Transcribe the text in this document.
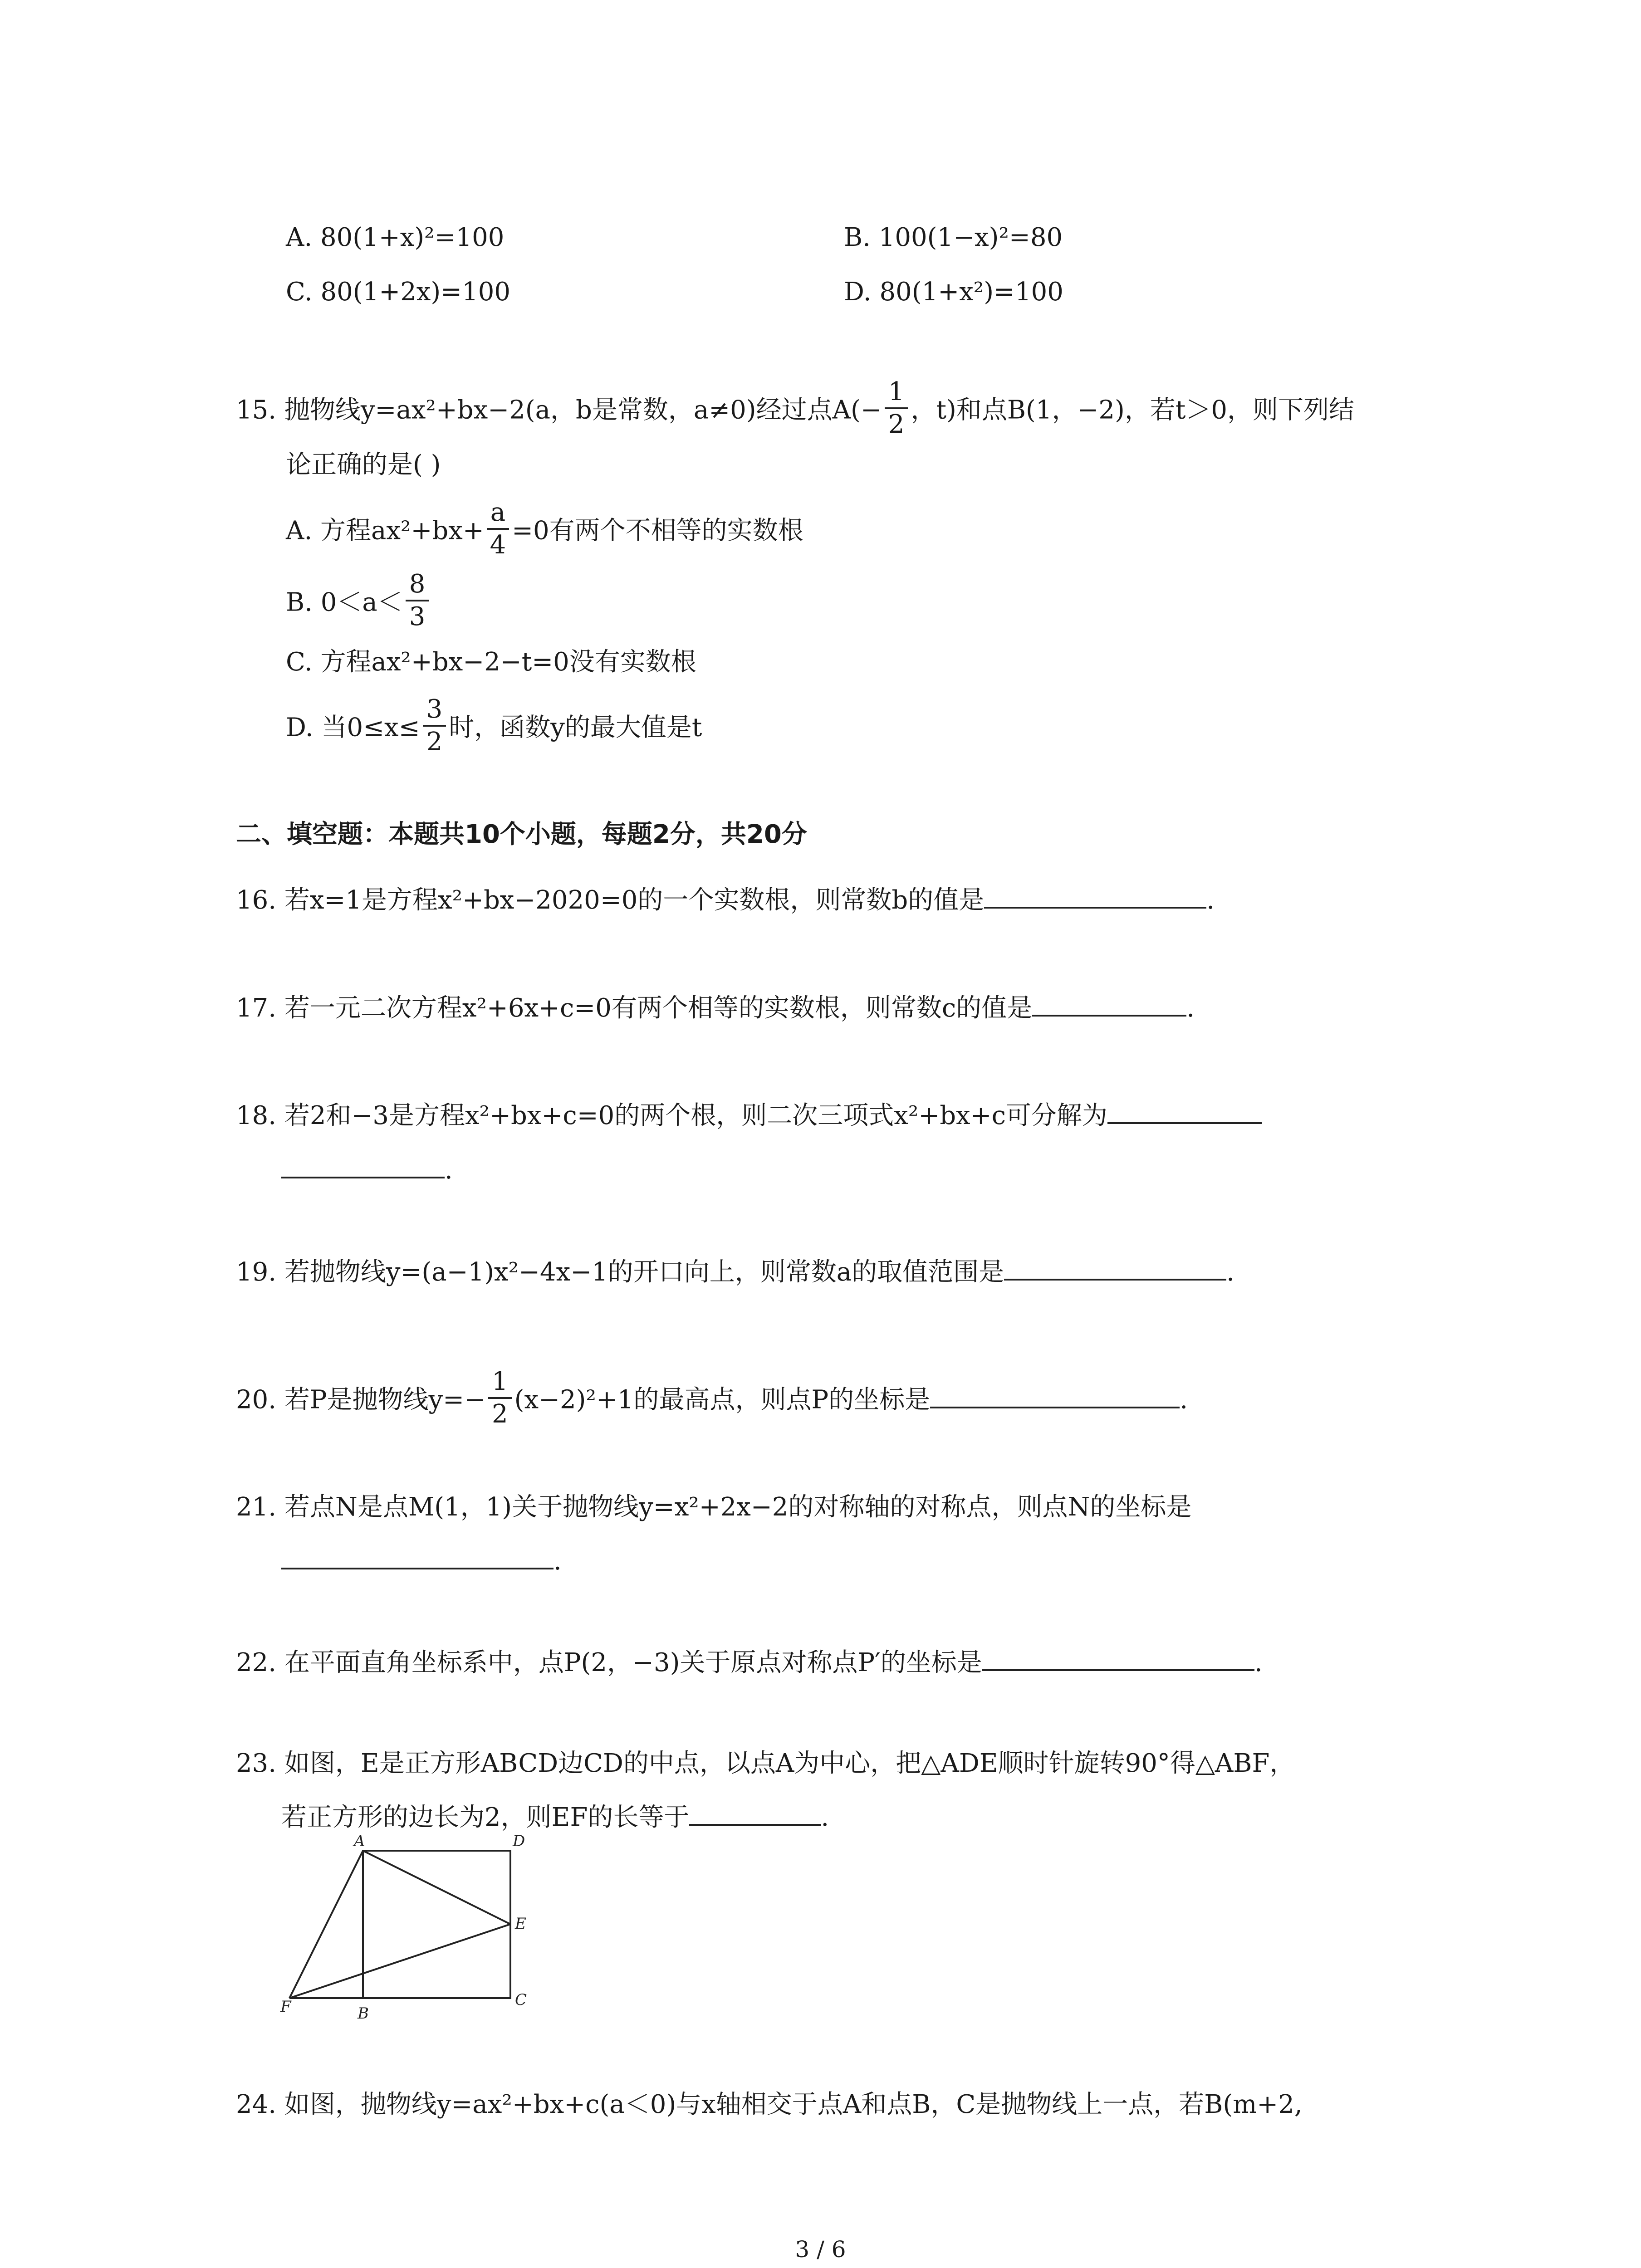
A. 80(1+x)²=100	B. 100(1−x)²=80
C. 80(1+2x)=100	D. 80(1+x²)=100
15. 抛物线y=ax²+bx−2(a，b是常数，a≠0)经过点$A(- \frac{1}{2}$ ，t)和点B(1，−2)，若t＞0，则下列结
论正确的是( )
A. 方程$ax^2+bx+ \frac{a}{4} =0$有两个不相等的实数根
B. $0<a< \frac{8}{3}$
C. 方程ax²+bx−2−t=0没有实数根
D. 当$0\le x\le \frac{3}{2}$ 时，函数y的最大值是t
二、填空题：本题共10个小题，每题2分，共20分
16. 若x=1是方程x²+bx−2020=0的一个实数根，则常数b的值是	.
17. 若一元二次方程x²+6x+c=0有两个相等的实数根，则常数c的值是	.
18. 若2和−3是方程x²+bx+c=0的两个根，则二次三项式x²+bx+c可分解为
.
19. 若抛物线y=(a−1)x²−4x−1的开口向上，则常数a的取值范围是	.
20. 若P是抛物线$y=- \frac{1}{2} (x-2)^2+1$的最高点，则点P的坐标是	.
21. 若点N是点M(1，1)关于抛物线y=x²+2x−2的对称轴的对称点，则点N的坐标是
.
22. 在平面直角坐标系中，点P(2，−3)关于原点对称点P′的坐标是	.
23. 如图，E是正方形ABCD边CD的中点，以点A为中心，把△ADE顺时针旋转90°得△ABF，
若正方形的边长为2，则EF的长等于	.
A	D
E
C
B
F
24. 如图，抛物线y=ax²+bx+c(a＜0)与x轴相交于点A和点B，C是抛物线上一点，若B(m+2,
3 / 6
